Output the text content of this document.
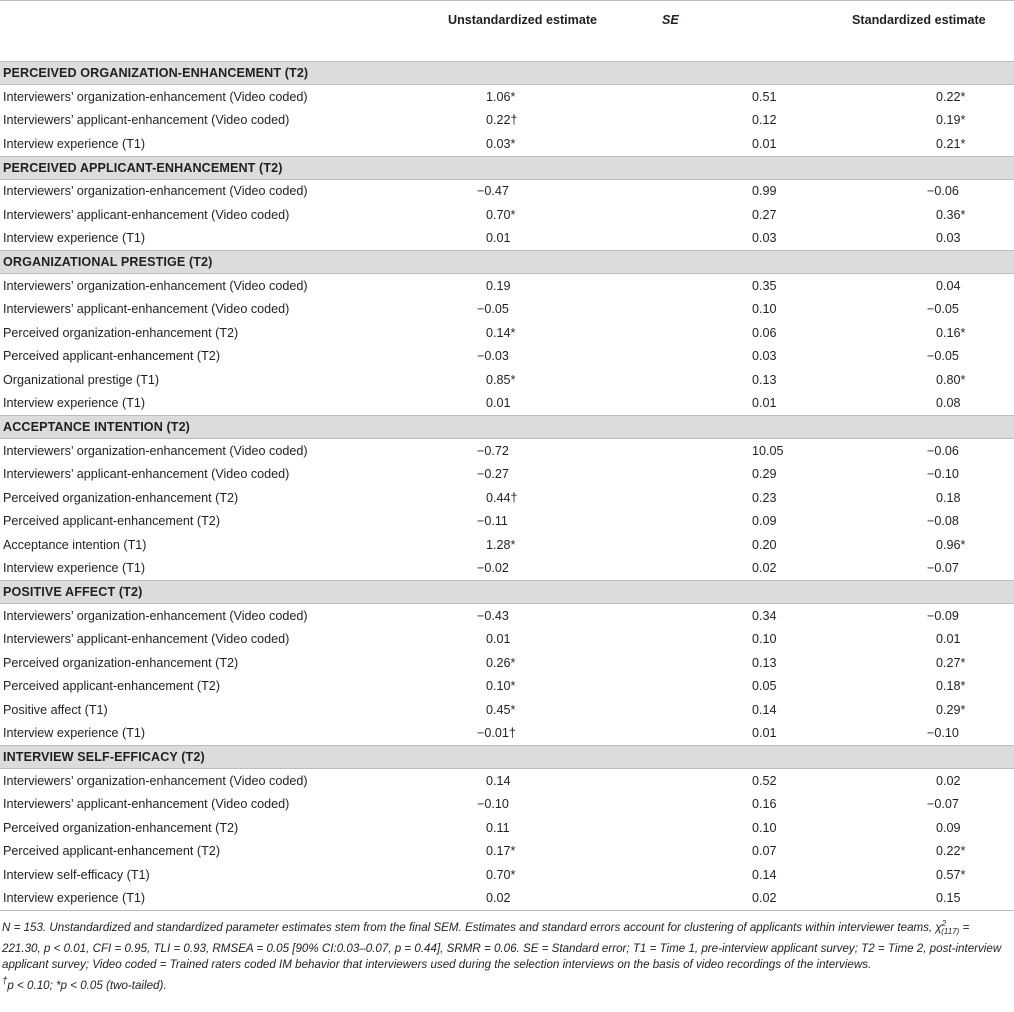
	Unstandardized estimate	SE	Standardized estimate
PERCEIVED ORGANIZATION-ENHANCEMENT (T2)			
Interviewers’ organization-enhancement (Video coded)	1.06*	0.51	0.22*
Interviewers’ applicant-enhancement (Video coded)	0.22†	0.12	0.19*
Interview experience (T1)	0.03*	0.01	0.21*
PERCEIVED APPLICANT-ENHANCEMENT (T2)			
Interviewers’ organization-enhancement (Video coded)	−0.47	0.99	−0.06
Interviewers’ applicant-enhancement (Video coded)	0.70*	0.27	0.36*
Interview experience (T1)	0.01	0.03	0.03
ORGANIZATIONAL PRESTIGE (T2)			
Interviewers’ organization-enhancement (Video coded)	0.19	0.35	0.04
Interviewers’ applicant-enhancement (Video coded)	−0.05	0.10	−0.05
Perceived organization-enhancement (T2)	0.14*	0.06	0.16*
Perceived applicant-enhancement (T2)	−0.03	0.03	−0.05
Organizational prestige (T1)	0.85*	0.13	0.80*
Interview experience (T1)	0.01	0.01	0.08
ACCEPTANCE INTENTION (T2)			
Interviewers’ organization-enhancement (Video coded)	−0.72	10.05	−0.06
Interviewers’ applicant-enhancement (Video coded)	−0.27	0.29	−0.10
Perceived organization-enhancement (T2)	0.44†	0.23	0.18
Perceived applicant-enhancement (T2)	−0.11	0.09	−0.08
Acceptance intention (T1)	1.28*	0.20	0.96*
Interview experience (T1)	−0.02	0.02	−0.07
POSITIVE AFFECT (T2)			
Interviewers’ organization-enhancement (Video coded)	−0.43	0.34	−0.09
Interviewers’ applicant-enhancement (Video coded)	0.01	0.10	0.01
Perceived organization-enhancement (T2)	0.26*	0.13	0.27*
Perceived applicant-enhancement (T2)	0.10*	0.05	0.18*
Positive affect (T1)	0.45*	0.14	0.29*
Interview experience (T1)	−0.01†	0.01	−0.10
INTERVIEW SELF-EFFICACY (T2)			
Interviewers’ organization-enhancement (Video coded)	0.14	0.52	0.02
Interviewers’ applicant-enhancement (Video coded)	−0.10	0.16	−0.07
Perceived organization-enhancement (T2)	0.11	0.10	0.09
Perceived applicant-enhancement (T2)	0.17*	0.07	0.22*
Interview self-efficacy (T1)	0.70*	0.14	0.57*
Interview experience (T1)	0.02	0.02	0.15
N = 153. Unstandardized and standardized parameter estimates stem from the final SEM. Estimates and standard errors account for clustering of applicants within interviewer teams, $\chi^2_{(117)} = 221.30$, p < 0.01, CFI = 0.95, TLI = 0.93, RMSEA = 0.05 [90% CI:0.03–0.07, p = 0.44], SRMR = 0.06. SE = Standard error; T1 = Time 1, pre-interview applicant survey; T2 = Time 2, post-interview applicant survey; Video coded = Trained raters coded IM behavior that interviewers used during the selection interviews on the basis of video recordings of the interviews.
†p < 0.10; *p < 0.05 (two-tailed).
